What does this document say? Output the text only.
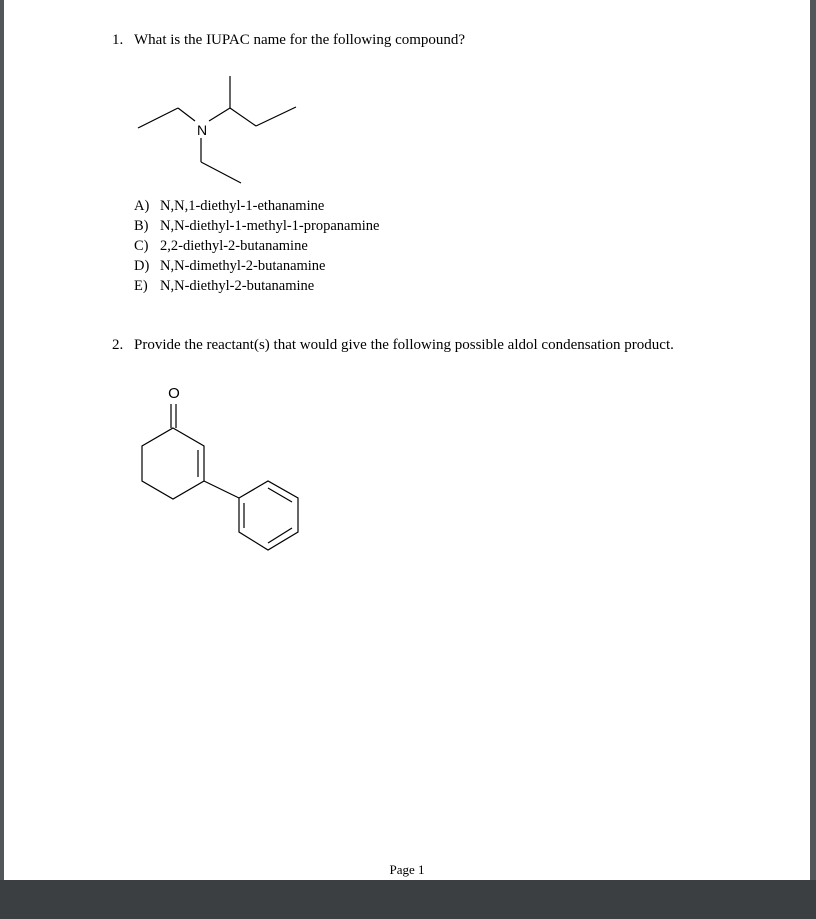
1. What is the IUPAC name for the following compound?
N
O
A) N,N,1-diethyl-1-ethanamine
B) N,N-diethyl-1-methyl-1-propanamine
C) 2,2-diethyl-2-butanamine
D) N,N-dimethyl-2-butanamine
E) N,N-diethyl-2-butanamine
2. Provide the reactant(s) that would give the following possible aldol condensation product.
Page 1
